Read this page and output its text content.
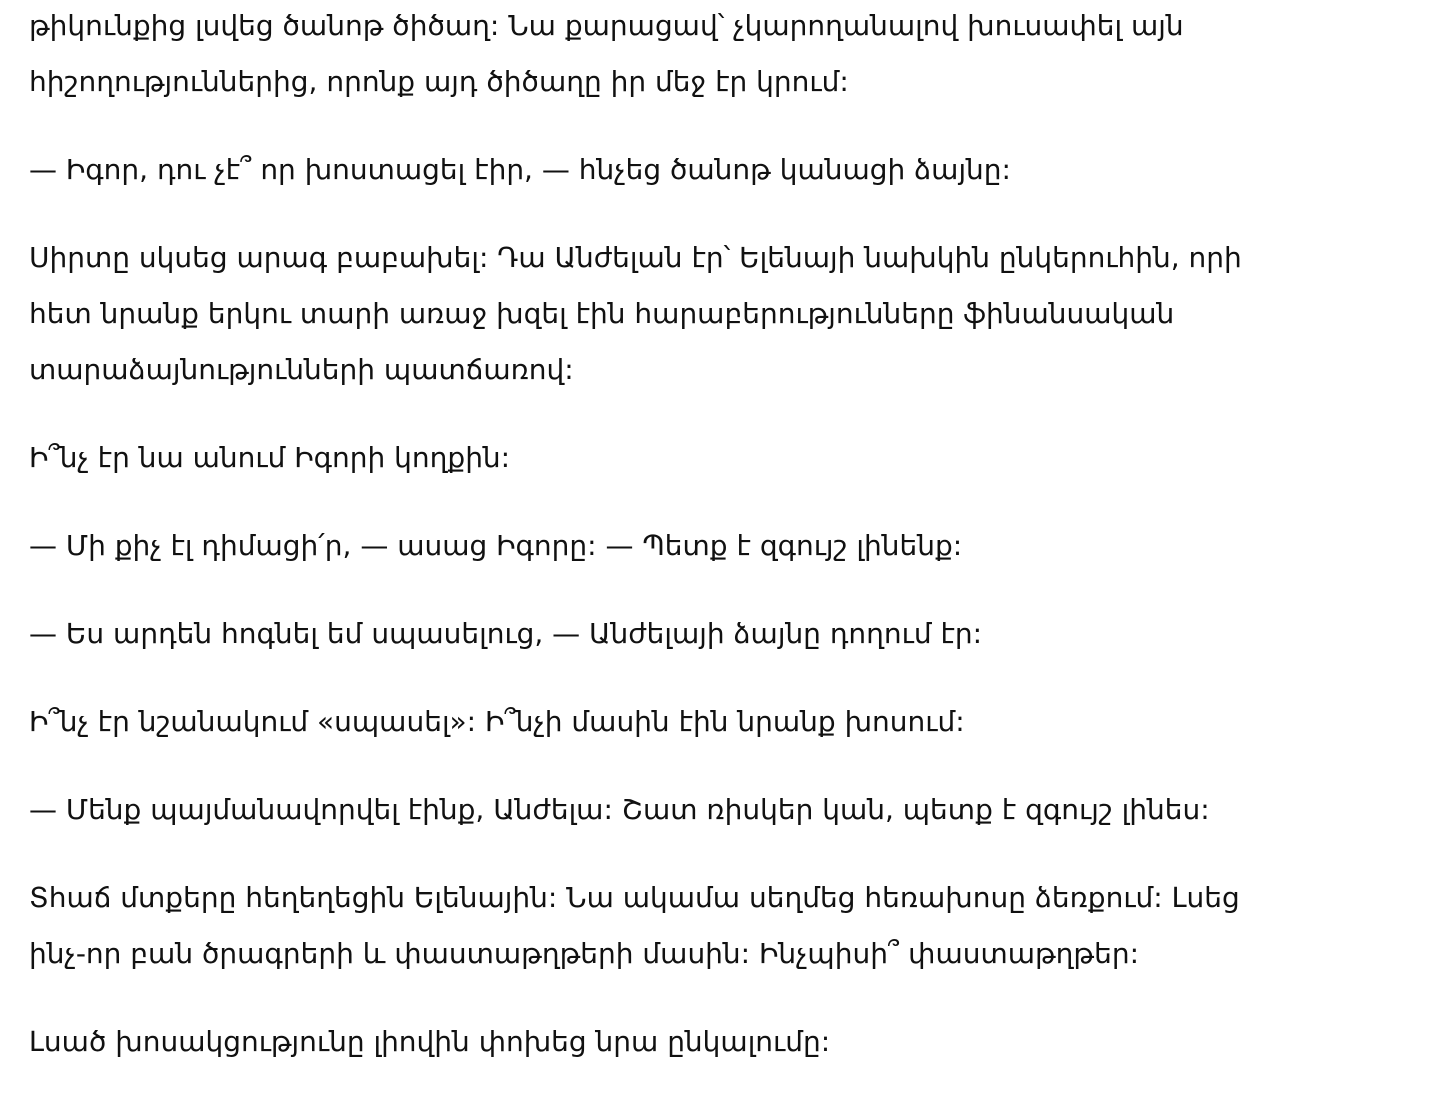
թիկունքից լսվեց ծանոթ ծիծաղ: Նա քարացավ՝ չկարողանալով խուսափել այն
հիշողություններից, որոնք այդ ծիծաղը իր մեջ էր կրում:

— Իգոր, դու չէ՞ որ խոստացել էիր, — հնչեց ծանոթ կանացի ձայնը:

Սիրտը սկսեց արագ բաբախել: Դա Անժելան էր՝ Ելենայի նախկին ընկերուհին, որի
հետ նրանք երկու տարի առաջ խզել էին հարաբերությունները ֆինանսական
տարաձայնությունների պատճառով:

Ի՞նչ էր նա անում Իգորի կողքին:

— Մի քիչ էլ դիմացի՛ր, — ասաց Իգորը: — Պետք է զգույշ լինենք:

— Ես արդեն հոգնել եմ սպասելուց, — Անժելայի ձայնը դողում էր:

Ի՞նչ էր նշանակում «սպասել»: Ի՞նչի մասին էին նրանք խոսում:

— Մենք պայմանավորվել էինք, Անժելա: Շատ ռիսկեր կան, պետք է զգույշ լինես:

Տհաճ մտքերը հեղեղեցին Ելենային: Նա ակամա սեղմեց հեռախոսը ձեռքում: Լսեց
ինչ-որ բան ծրագրերի և փաստաթղթերի մասին: Ինչպիսի՞ փաստաթղթեր:

Լսած խոսակցությունը լիովին փոխեց նրա ընկալումը:
